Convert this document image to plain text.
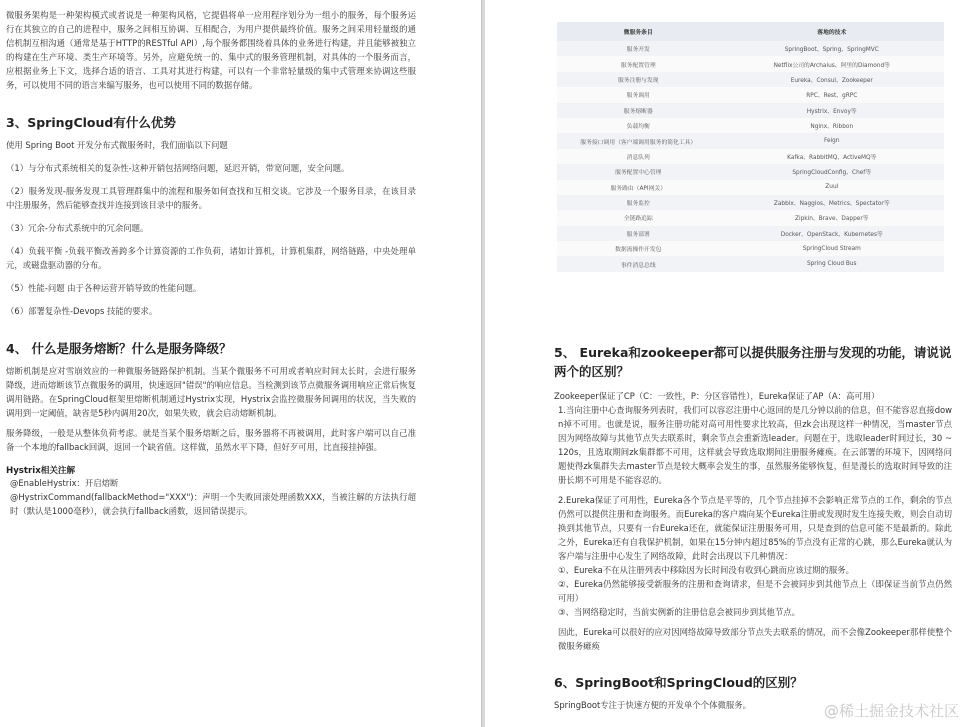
微服务架构是一种架构模式或者说是一种架构风格，它提倡将单一应用程序划分为一组小的服务，每个服务运行在其独立的自己的进程中，服务之间相互协调、互相配合，为用户提供最终价值。服务之间采用轻量级的通信机制互相沟通（通常是基于HTTP的RESTful API）,每个服务都围绕着具体的业务进行构建，并且能够被独立的构建在生产环境、类生产环境等。另外，应避免统一的、集中式的服务管理机制，对具体的一个服务而言，应根据业务上下文，选择合适的语言、工具对其进行构建，可以有一个非常轻量级的集中式管理来协调这些服务，可以使用不同的语言来编写服务，也可以使用不同的数据存储。

3、SpringCloud有什么优势

使用 Spring Boot 开发分布式微服务时，我们面临以下问题

（1）与分布式系统相关的复杂性-这种开销包括网络问题，延迟开销，带宽问题，安全问题。

（2）服务发现-服务发现工具管理群集中的流程和服务如何查找和互相交谈。它涉及一个服务目录，在该目录中注册服务，然后能够查找并连接到该目录中的服务。

（3）冗余-分布式系统中的冗余问题。

（4）负载平衡 -负载平衡改善跨多个计算资源的工作负荷，诸如计算机，计算机集群，网络链路，中央处理单元，或磁盘驱动器的分布。

（5）性能-问题 由于各种运营开销导致的性能问题。

（6）部署复杂性-Devops 技能的要求。

4、 什么是服务熔断？什么是服务降级？

熔断机制是应对雪崩效应的一种微服务链路保护机制。当某个微服务不可用或者响应时间太长时，会进行服务降级，进而熔断该节点微服务的调用，快速返回"错误"的响应信息。当检测到该节点微服务调用响应正常后恢复调用链路。在SpringCloud框架里熔断机制通过Hystrix实现，Hystrix会监控微服务间调用的状况，当失败的调用到一定阈值，缺省是5秒内调用20次，如果失败，就会启动熔断机制。

服务降级，一般是从整体负荷考虑。就是当某个服务熔断之后，服务器将不再被调用，此时客户端可以自己准备一个本地的fallback回调，返回一个缺省值。这样做，虽然水平下降，但好歹可用，比直接挂掉强。

Hystrix相关注解

@EnableHystrix：开启熔断

@HystrixCommand(fallbackMethod="XXX")：声明一个失败回滚处理函数XXX，当被注解的方法执行超时（默认是1000毫秒），就会执行fallback函数，返回错误提示。

微服务条目	落地的技术
服务开发	SpringBoot、Spring、SpringMVC
服务配置管理	Netflix公司的Archaius、阿里的Diamond等
服务注册与发现	Eureka、Consul、Zookeeper
服务调用	RPC、Rest、gRPC
服务熔断器	Hystrix、Envoy等
负载均衡	Nginx、Ribbon
服务接口调用（客户端调用服务的简化工具）	Feign
消息队列	Kafka、RabbitMQ、ActiveMQ等
服务配置中心管理	SpringCloudConfig、Chef等
服务路由（API网关）	Zuul
服务监控	Zabbix、Naggios、Metrics、Spectator等
全链路追踪	Zipkin、Brave、Dapper等
服务部署	Docker、OpenStack、Kubernetes等
数据流操作开发包	SpringCloud Stream
事件消息总线	Spring Cloud Bus

5、 Eureka和zookeeper都可以提供服务注册与发现的功能，请说说两个的区别？

Zookeeper保证了CP（C：一致性，P：分区容错性），Eureka保证了AP（A：高可用）

1.当向注册中心查询服务列表时，我们可以容忍注册中心返回的是几分钟以前的信息，但不能容忍直接down掉不可用。也就是说，服务注册功能对高可用性要求比较高，但zk会出现这样一种情况，当master节点因为网络故障与其他节点失去联系时，剩余节点会重新选leader。问题在于，选取leader时间过长，30 ~ 120s，且选取期间zk集群都不可用，这样就会导致选取期间注册服务瘫痪。在云部署的环境下，因网络问题使得zk集群失去master节点是较大概率会发生的事，虽然服务能够恢复，但是漫长的选取时间导致的注册长期不可用是不能容忍的。

2.Eureka保证了可用性，Eureka各个节点是平等的，几个节点挂掉不会影响正常节点的工作，剩余的节点仍然可以提供注册和查询服务。而Eureka的客户端向某个Eureka注册或发现时发生连接失败，则会自动切换到其他节点，只要有一台Eureka还在，就能保证注册服务可用，只是查到的信息可能不是最新的。除此之外，Eureka还有自我保护机制，如果在15分钟内超过85%的节点没有正常的心跳，那么Eureka就认为客户端与注册中心发生了网络故障，此时会出现以下几种情况：

①、Eureka不在从注册列表中移除因为长时间没有收到心跳而应该过期的服务。

②、Eureka仍然能够接受新服务的注册和查询请求，但是不会被同步到其他节点上（即保证当前节点仍然可用）

③、当网络稳定时，当前实例新的注册信息会被同步到其他节点。

因此，Eureka可以很好的应对因网络故障导致部分节点失去联系的情况，而不会像Zookeeper那样使整个微服务瘫痪

6、SpringBoot和SpringCloud的区别？

SpringBoot专注于快速方便的开发单个个体微服务。	@稀土掘金技术社区
